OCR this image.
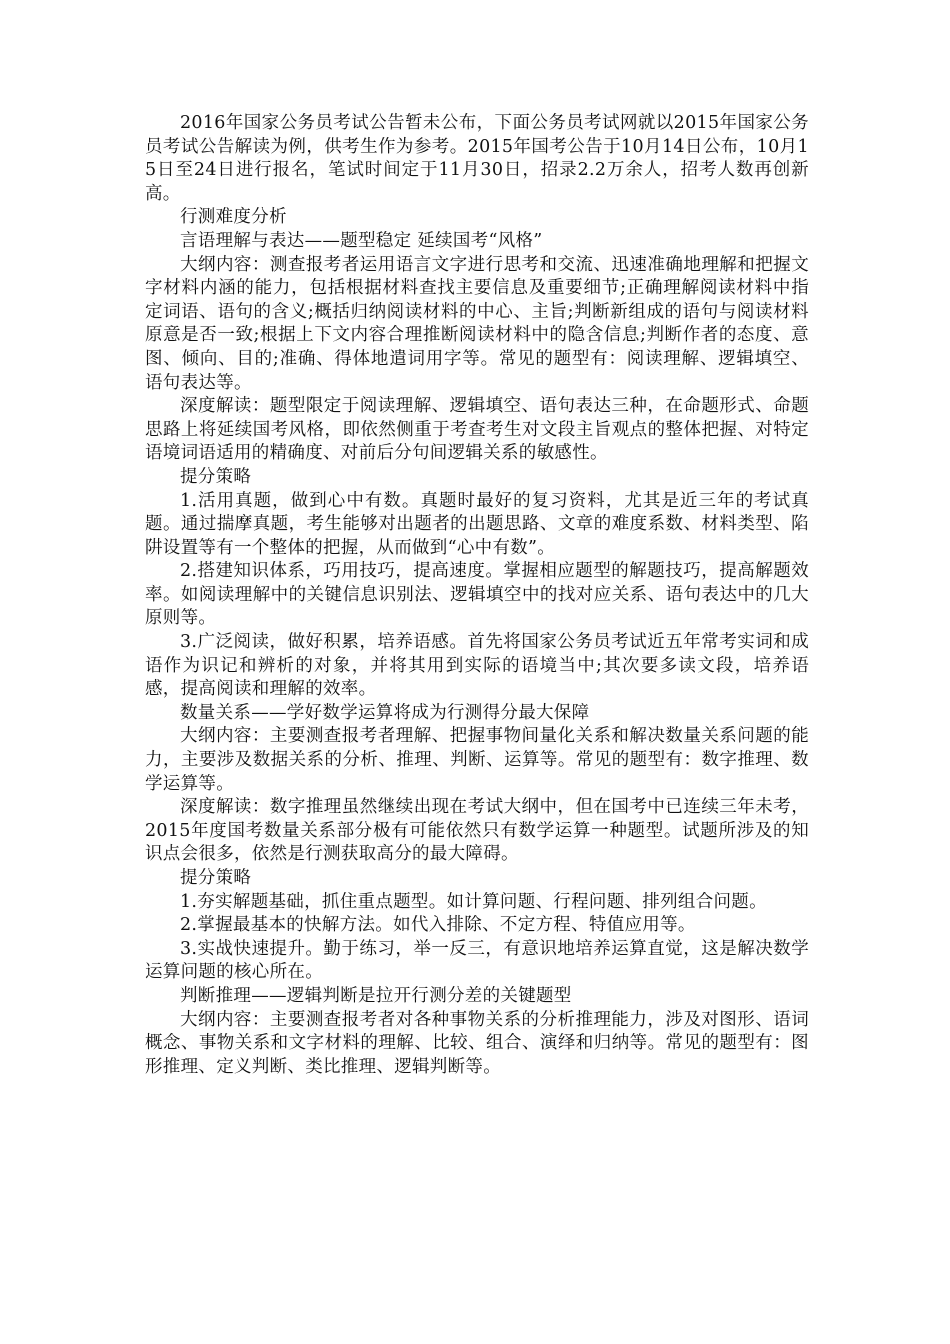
2016年国家公务员考试公告暂未公布，下面公务员考试网就以2015年国家公务员考试公告解读为例，供考生作为参考。2015年国考公告于10月14日公布，10月15日至24日进行报名，笔试时间定于11月30日，招录2.2万余人，招考人数再创新高。

行测难度分析

言语理解与表达——题型稳定 延续国考“风格”

大纲内容：测查报考者运用语言文字进行思考和交流、迅速准确地理解和把握文字材料内涵的能力，包括根据材料查找主要信息及重要细节;正确理解阅读材料中指定词语、语句的含义;概括归纳阅读材料的中心、主旨;判断新组成的语句与阅读材料原意是否一致;根据上下文内容合理推断阅读材料中的隐含信息;判断作者的态度、意图、倾向、目的;准确、得体地遣词用字等。常见的题型有：阅读理解、逻辑填空、语句表达等。

深度解读：题型限定于阅读理解、逻辑填空、语句表达三种，在命题形式、命题思路上将延续国考风格，即依然侧重于考查考生对文段主旨观点的整体把握、对特定语境词语适用的精确度、对前后分句间逻辑关系的敏感性。

提分策略

1.活用真题，做到心中有数。真题时最好的复习资料，尤其是近三年的考试真题。通过揣摩真题，考生能够对出题者的出题思路、文章的难度系数、材料类型、陷阱设置等有一个整体的把握，从而做到“心中有数”。

2.搭建知识体系，巧用技巧，提高速度。掌握相应题型的解题技巧，提高解题效率。如阅读理解中的关键信息识别法、逻辑填空中的找对应关系、语句表达中的几大原则等。

3.广泛阅读，做好积累，培养语感。首先将国家公务员考试近五年常考实词和成语作为识记和辨析的对象，并将其用到实际的语境当中;其次要多读文段，培养语感，提高阅读和理解的效率。

数量关系——学好数学运算将成为行测得分最大保障

大纲内容：主要测查报考者理解、把握事物间量化关系和解决数量关系问题的能力，主要涉及数据关系的分析、推理、判断、运算等。常见的题型有：数字推理、数学运算等。

深度解读：数字推理虽然继续出现在考试大纲中，但在国考中已连续三年未考，2015年度国考数量关系部分极有可能依然只有数学运算一种题型。试题所涉及的知识点会很多，依然是行测获取高分的最大障碍。

提分策略

1.夯实解题基础，抓住重点题型。如计算问题、行程问题、排列组合问题。

2.掌握最基本的快解方法。如代入排除、不定方程、特值应用等。

3.实战快速提升。勤于练习，举一反三，有意识地培养运算直觉，这是解决数学运算问题的核心所在。

判断推理——逻辑判断是拉开行测分差的关键题型

大纲内容：主要测查报考者对各种事物关系的分析推理能力，涉及对图形、语词概念、事物关系和文字材料的理解、比较、组合、演绎和归纳等。常见的题型有：图形推理、定义判断、类比推理、逻辑判断等。
